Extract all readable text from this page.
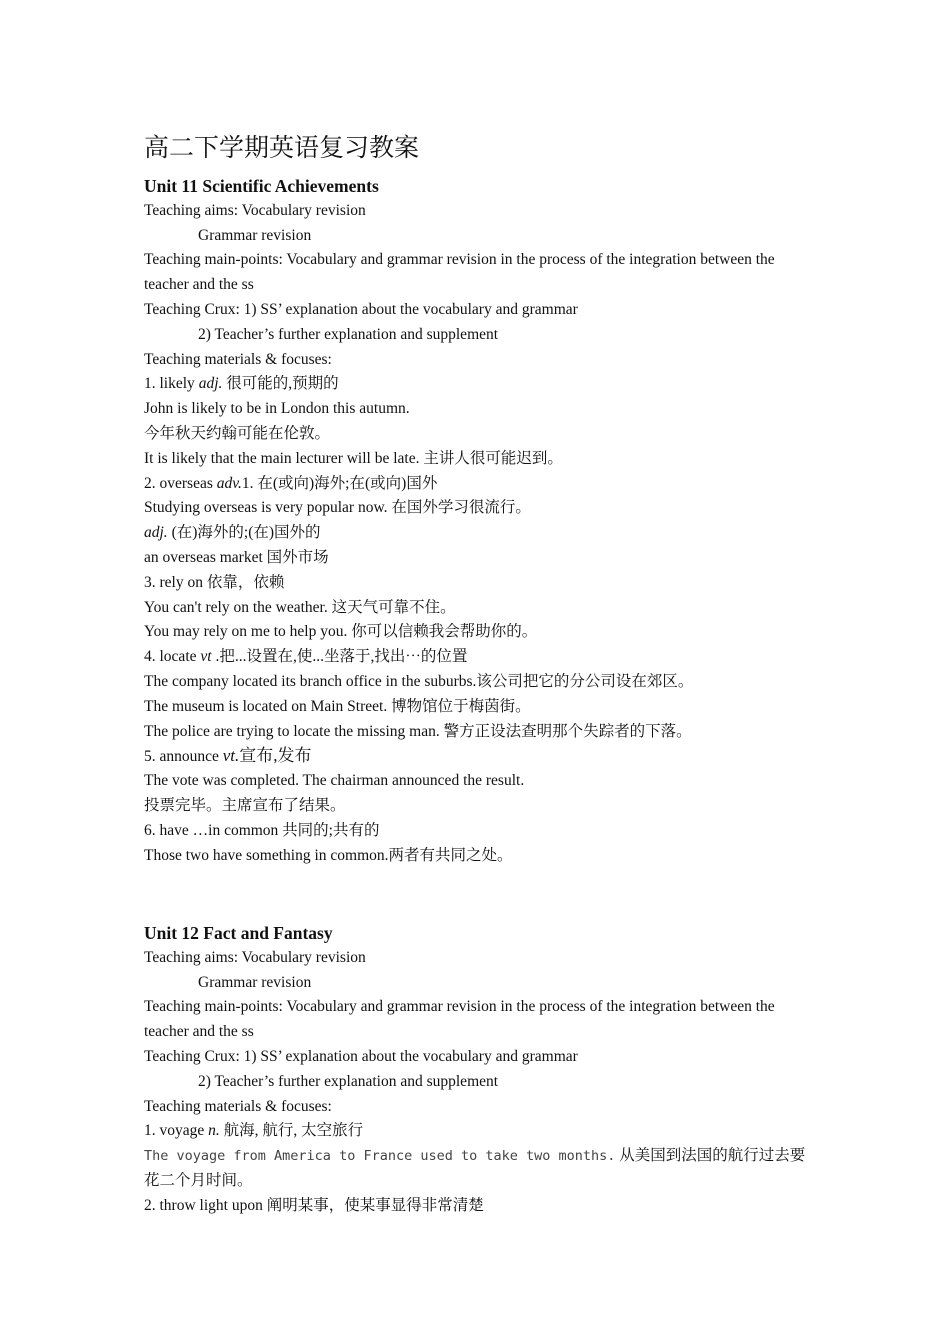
高二下学期英语复习教案
Unit 11 Scientific Achievements
Teaching aims: Vocabulary revision
Grammar revision
Teaching main-points: Vocabulary and grammar revision in the process of the integration between the teacher and the ss
Teaching Crux: 1) SS’ explanation about the vocabulary and grammar
2) Teacher’s further explanation and supplement
Teaching materials & focuses:
1. likely adj. 很可能的,预期的
John is likely to be in London this autumn.
今年秋天约翰可能在伦敦。
It is likely that the main lecturer will be late. 主讲人很可能迟到。
2. overseas adv.1. 在(或向)海外;在(或向)国外
Studying overseas is very popular now. 在国外学习很流行。
adj. (在)海外的;(在)国外的
an overseas market 国外市场
3. rely on 依靠，依赖
You can't rely on the weather. 这天气可靠不住。
You may rely on me to help you. 你可以信赖我会帮助你的。
4. locate vt .把...设置在,使...坐落于,找出⋯的位置
The company located its branch office in the suburbs.该公司把它的分公司设在郊区。
The museum is located on Main Street. 博物馆位于梅茵街。
The police are trying to locate the missing man. 警方正设法查明那个失踪者的下落。
5. announce vt.宣布,发布
The vote was completed. The chairman announced the result.
投票完毕。主席宣布了结果。
6. have …in common 共同的;共有的
Those two have something in common.两者有共同之处。
Unit 12 Fact and Fantasy
Teaching aims: Vocabulary revision
Grammar revision
Teaching main-points: Vocabulary and grammar revision in the process of the integration between the teacher and the ss
Teaching Crux: 1) SS’ explanation about the vocabulary and grammar
2) Teacher’s further explanation and supplement
Teaching materials & focuses:
1. voyage n. 航海, 航行, 太空旅行
The voyage from America to France used to take two months. 从美国到法国的航行过去要花二个月时间。
2. throw light upon 阐明某事，使某事显得非常清楚
